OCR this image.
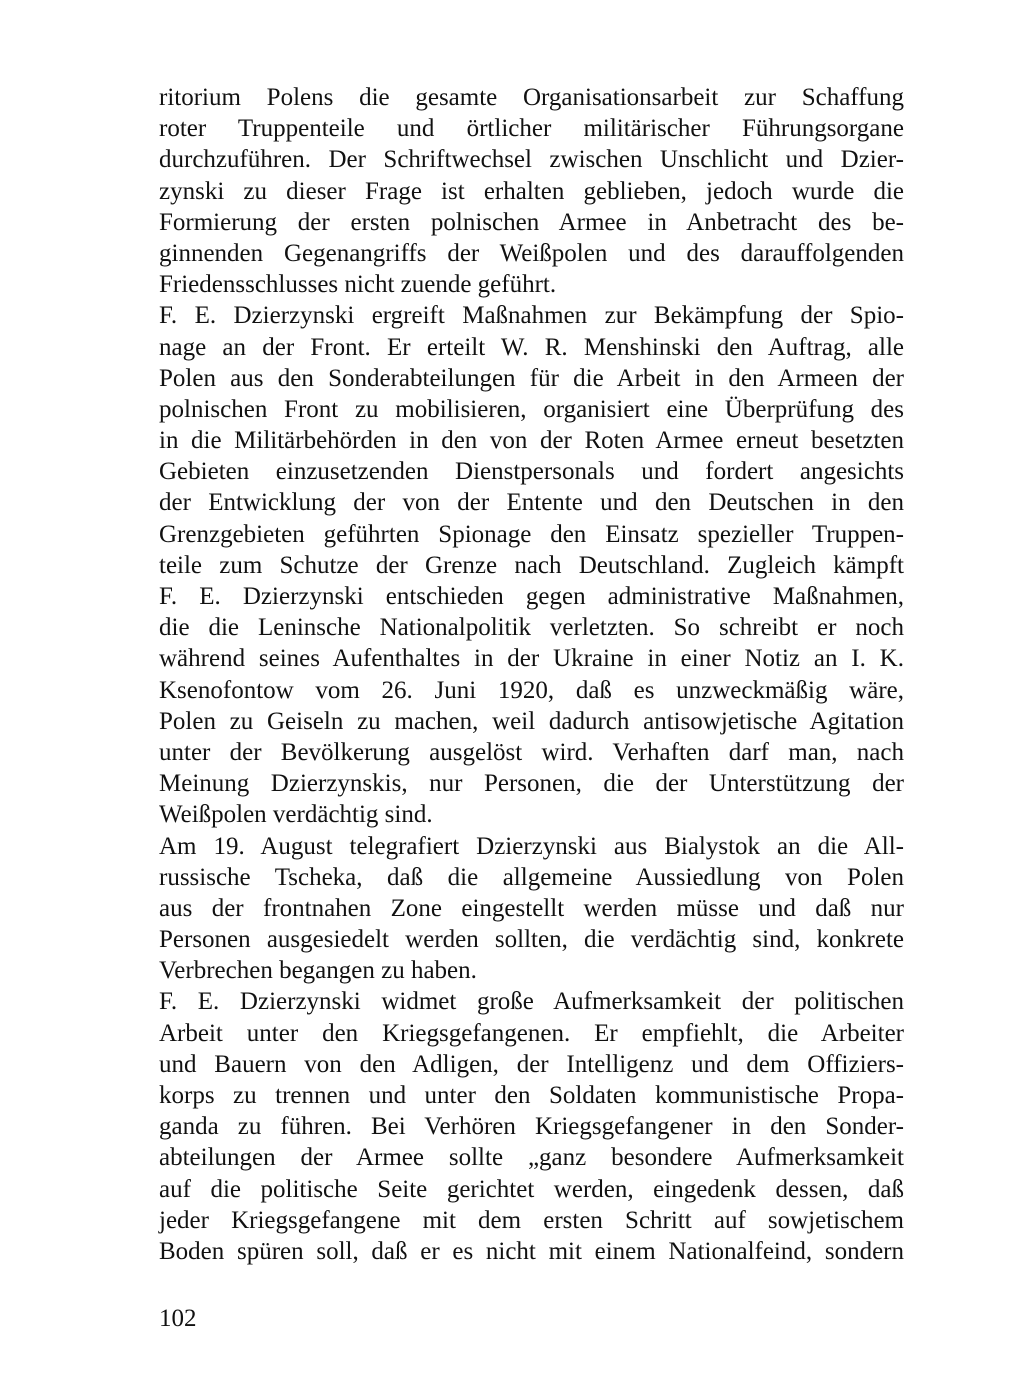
ritorium Polens die gesamte Organisationsarbeit zur Schaffung
roter Truppenteile und örtlicher militärischer Führungsorgane
durchzuführen. Der Schriftwechsel zwischen Unschlicht und Dzier-
zynski zu dieser Frage ist erhalten geblieben, jedoch wurde die
Formierung der ersten polnischen Armee in Anbetracht des be-
ginnenden Gegenangriffs der Weißpolen und des darauffolgenden
Friedensschlusses nicht zuende geführt.
F. E. Dzierzynski ergreift Maßnahmen zur Bekämpfung der Spio-
nage an der Front. Er erteilt W. R. Menshinski den Auftrag, alle
Polen aus den Sonderabteilungen für die Arbeit in den Armeen der
polnischen Front zu mobilisieren, organisiert eine Überprüfung des
in die Militärbehörden in den von der Roten Armee erneut besetzten
Gebieten einzusetzenden Dienstpersonals und fordert angesichts
der Entwicklung der von der Entente und den Deutschen in den
Grenzgebieten geführten Spionage den Einsatz spezieller Truppen-
teile zum Schutze der Grenze nach Deutschland. Zugleich kämpft
F. E. Dzierzynski entschieden gegen administrative Maßnahmen,
die die Leninsche Nationalpolitik verletzten. So schreibt er noch
während seines Aufenthaltes in der Ukraine in einer Notiz an I. K.
Ksenofontow vom 26. Juni 1920, daß es unzweckmäßig wäre,
Polen zu Geiseln zu machen, weil dadurch antisowjetische Agitation
unter der Bevölkerung ausgelöst wird. Verhaften darf man, nach
Meinung Dzierzynskis, nur Personen, die der Unterstützung der
Weißpolen verdächtig sind.
Am 19. August telegrafiert Dzierzynski aus Bialystok an die All-
russische Tscheka, daß die allgemeine Aussiedlung von Polen
aus der frontnahen Zone eingestellt werden müsse und daß nur
Personen ausgesiedelt werden sollten, die verdächtig sind, konkrete
Verbrechen begangen zu haben.
F. E. Dzierzynski widmet große Aufmerksamkeit der politischen
Arbeit unter den Kriegsgefangenen. Er empfiehlt, die Arbeiter
und Bauern von den Adligen, der Intelligenz und dem Offiziers-
korps zu trennen und unter den Soldaten kommunistische Propa-
ganda zu führen. Bei Verhören Kriegsgefangener in den Sonder-
abteilungen der Armee sollte „ganz besondere Aufmerksamkeit
auf die politische Seite gerichtet werden, eingedenk dessen, daß
jeder Kriegsgefangene mit dem ersten Schritt auf sowjetischem
Boden spüren soll, daß er es nicht mit einem Nationalfeind, sondern
102
